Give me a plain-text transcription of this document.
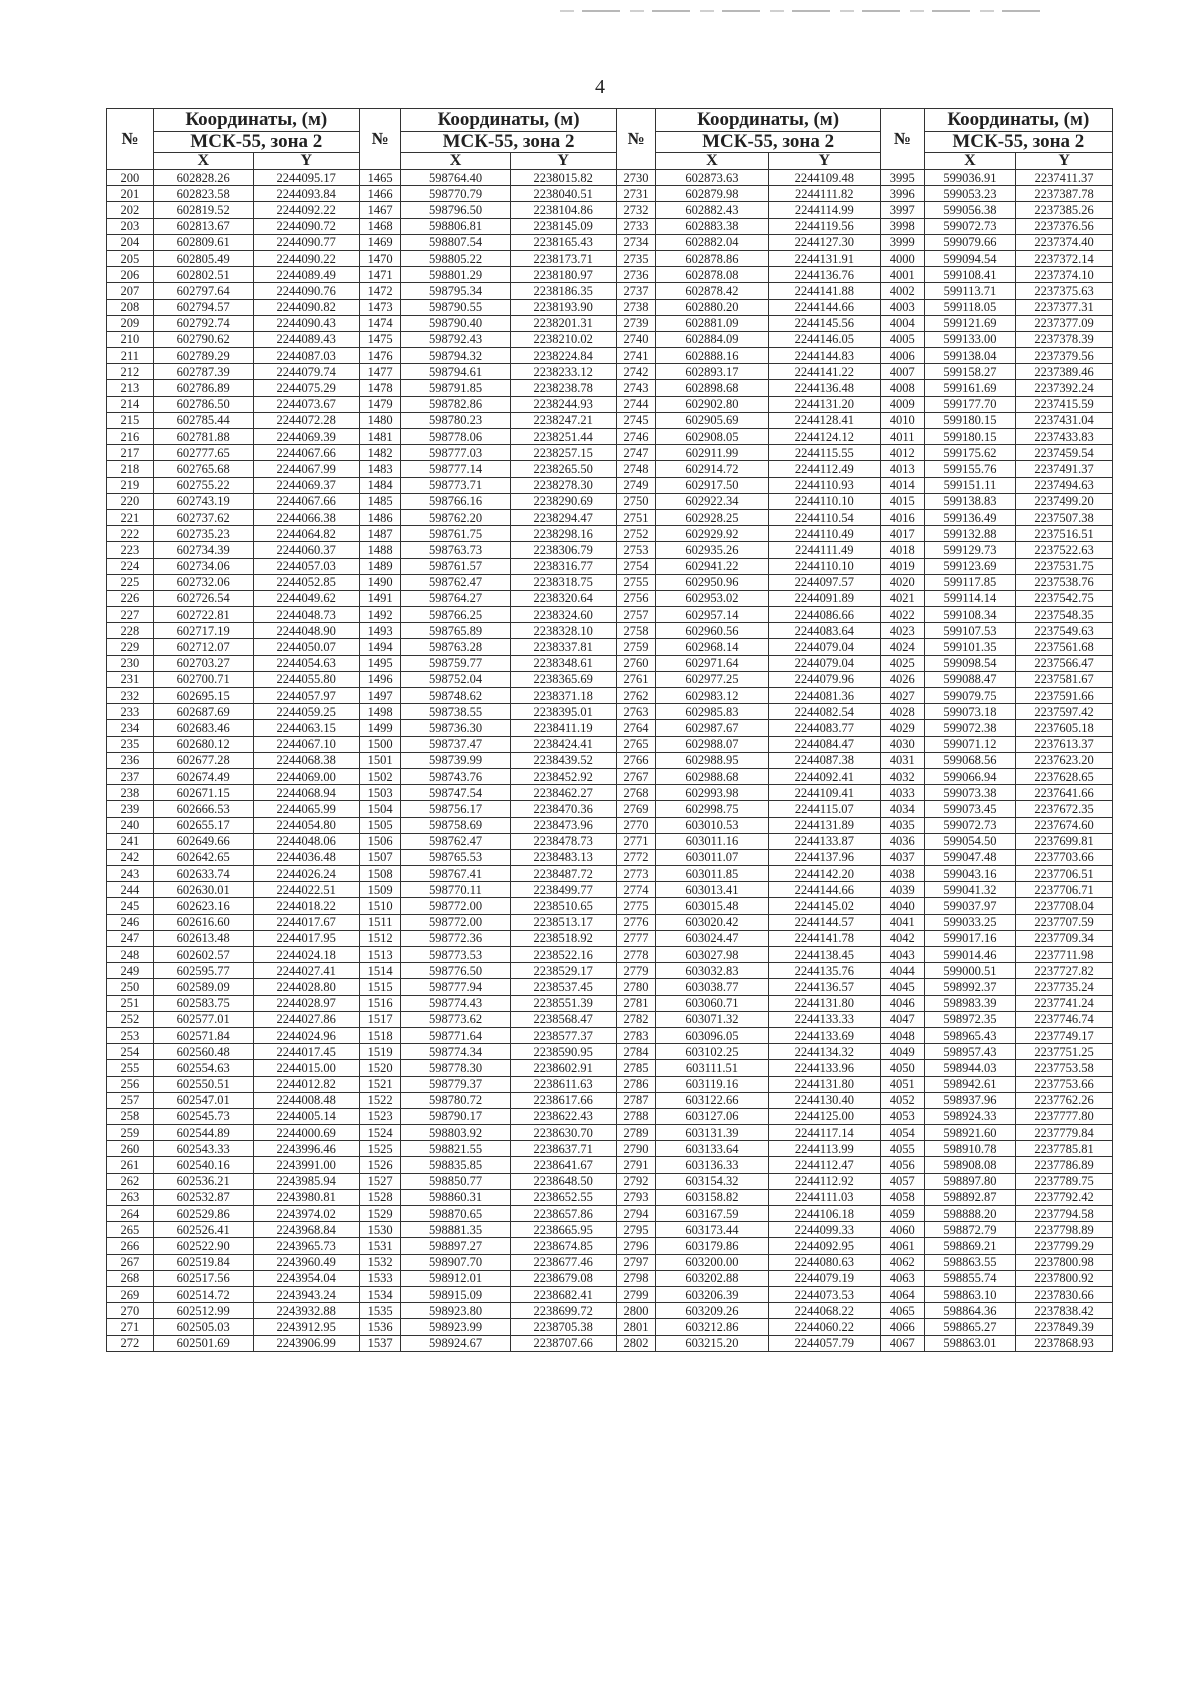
4
№	Координаты, (м)		№	Координаты, (м)		№	Координаты, (м)		№	Координаты, (м)	
	МСК-55, зона 2			МСК-55, зона 2			МСК-55, зона 2			МСК-55, зона 2	
	X	Y		X	Y		X	Y		X	Y
200	602828.26	2244095.17	1465	598764.40	2238015.82	2730	602873.63	2244109.48	3995	599036.91	2237411.37
201	602823.58	2244093.84	1466	598770.79	2238040.51	2731	602879.98	2244111.82	3996	599053.23	2237387.78
202	602819.52	2244092.22	1467	598796.50	2238104.86	2732	602882.43	2244114.99	3997	599056.38	2237385.26
203	602813.67	2244090.72	1468	598806.81	2238145.09	2733	602883.38	2244119.56	3998	599072.73	2237376.56
204	602809.61	2244090.77	1469	598807.54	2238165.43	2734	602882.04	2244127.30	3999	599079.66	2237374.40
205	602805.49	2244090.22	1470	598805.22	2238173.71	2735	602878.86	2244131.91	4000	599094.54	2237372.14
206	602802.51	2244089.49	1471	598801.29	2238180.97	2736	602878.08	2244136.76	4001	599108.41	2237374.10
207	602797.64	2244090.76	1472	598795.34	2238186.35	2737	602878.42	2244141.88	4002	599113.71	2237375.63
208	602794.57	2244090.82	1473	598790.55	2238193.90	2738	602880.20	2244144.66	4003	599118.05	2237377.31
209	602792.74	2244090.43	1474	598790.40	2238201.31	2739	602881.09	2244145.56	4004	599121.69	2237377.09
210	602790.62	2244089.43	1475	598792.43	2238210.02	2740	602884.09	2244146.05	4005	599133.00	2237378.39
211	602789.29	2244087.03	1476	598794.32	2238224.84	2741	602888.16	2244144.83	4006	599138.04	2237379.56
212	602787.39	2244079.74	1477	598794.61	2238233.12	2742	602893.17	2244141.22	4007	599158.27	2237389.46
213	602786.89	2244075.29	1478	598791.85	2238238.78	2743	602898.68	2244136.48	4008	599161.69	2237392.24
214	602786.50	2244073.67	1479	598782.86	2238244.93	2744	602902.80	2244131.20	4009	599177.70	2237415.59
215	602785.44	2244072.28	1480	598780.23	2238247.21	2745	602905.69	2244128.41	4010	599180.15	2237431.04
216	602781.88	2244069.39	1481	598778.06	2238251.44	2746	602908.05	2244124.12	4011	599180.15	2237433.83
217	602777.65	2244067.66	1482	598777.03	2238257.15	2747	602911.99	2244115.55	4012	599175.62	2237459.54
218	602765.68	2244067.99	1483	598777.14	2238265.50	2748	602914.72	2244112.49	4013	599155.76	2237491.37
219	602755.22	2244069.37	1484	598773.71	2238278.30	2749	602917.50	2244110.93	4014	599151.11	2237494.63
220	602743.19	2244067.66	1485	598766.16	2238290.69	2750	602922.34	2244110.10	4015	599138.83	2237499.20
221	602737.62	2244066.38	1486	598762.20	2238294.47	2751	602928.25	2244110.54	4016	599136.49	2237507.38
222	602735.23	2244064.82	1487	598761.75	2238298.16	2752	602929.92	2244110.49	4017	599132.88	2237516.51
223	602734.39	2244060.37	1488	598763.73	2238306.79	2753	602935.26	2244111.49	4018	599129.73	2237522.63
224	602734.06	2244057.03	1489	598761.57	2238316.77	2754	602941.22	2244110.10	4019	599123.69	2237531.75
225	602732.06	2244052.85	1490	598762.47	2238318.75	2755	602950.96	2244097.57	4020	599117.85	2237538.76
226	602726.54	2244049.62	1491	598764.27	2238320.64	2756	602953.02	2244091.89	4021	599114.14	2237542.75
227	602722.81	2244048.73	1492	598766.25	2238324.60	2757	602957.14	2244086.66	4022	599108.34	2237548.35
228	602717.19	2244048.90	1493	598765.89	2238328.10	2758	602960.56	2244083.64	4023	599107.53	2237549.63
229	602712.07	2244050.07	1494	598763.28	2238337.81	2759	602968.14	2244079.04	4024	599101.35	2237561.68
230	602703.27	2244054.63	1495	598759.77	2238348.61	2760	602971.64	2244079.04	4025	599098.54	2237566.47
231	602700.71	2244055.80	1496	598752.04	2238365.69	2761	602977.25	2244079.96	4026	599088.47	2237581.67
232	602695.15	2244057.97	1497	598748.62	2238371.18	2762	602983.12	2244081.36	4027	599079.75	2237591.66
233	602687.69	2244059.25	1498	598738.55	2238395.01	2763	602985.83	2244082.54	4028	599073.18	2237597.42
234	602683.46	2244063.15	1499	598736.30	2238411.19	2764	602987.67	2244083.77	4029	599072.38	2237605.18
235	602680.12	2244067.10	1500	598737.47	2238424.41	2765	602988.07	2244084.47	4030	599071.12	2237613.37
236	602677.28	2244068.38	1501	598739.99	2238439.52	2766	602988.95	2244087.38	4031	599068.56	2237623.20
237	602674.49	2244069.00	1502	598743.76	2238452.92	2767	602988.68	2244092.41	4032	599066.94	2237628.65
238	602671.15	2244068.94	1503	598747.54	2238462.27	2768	602993.98	2244109.41	4033	599073.38	2237641.66
239	602666.53	2244065.99	1504	598756.17	2238470.36	2769	602998.75	2244115.07	4034	599073.45	2237672.35
240	602655.17	2244054.80	1505	598758.69	2238473.96	2770	603010.53	2244131.89	4035	599072.73	2237674.60
241	602649.66	2244048.06	1506	598762.47	2238478.73	2771	603011.16	2244133.87	4036	599054.50	2237699.81
242	602642.65	2244036.48	1507	598765.53	2238483.13	2772	603011.07	2244137.96	4037	599047.48	2237703.66
243	602633.74	2244026.24	1508	598767.41	2238487.72	2773	603011.85	2244142.20	4038	599043.16	2237706.51
244	602630.01	2244022.51	1509	598770.11	2238499.77	2774	603013.41	2244144.66	4039	599041.32	2237706.71
245	602623.16	2244018.22	1510	598772.00	2238510.65	2775	603015.48	2244145.02	4040	599037.97	2237708.04
246	602616.60	2244017.67	1511	598772.00	2238513.17	2776	603020.42	2244144.57	4041	599033.25	2237707.59
247	602613.48	2244017.95	1512	598772.36	2238518.92	2777	603024.47	2244141.78	4042	599017.16	2237709.34
248	602602.57	2244024.18	1513	598773.53	2238522.16	2778	603027.98	2244138.45	4043	599014.46	2237711.98
249	602595.77	2244027.41	1514	598776.50	2238529.17	2779	603032.83	2244135.76	4044	599000.51	2237727.82
250	602589.09	2244028.80	1515	598777.94	2238537.45	2780	603038.77	2244136.57	4045	598992.37	2237735.24
251	602583.75	2244028.97	1516	598774.43	2238551.39	2781	603060.71	2244131.80	4046	598983.39	2237741.24
252	602577.01	2244027.86	1517	598773.62	2238568.47	2782	603071.32	2244133.33	4047	598972.35	2237746.74
253	602571.84	2244024.96	1518	598771.64	2238577.37	2783	603096.05	2244133.69	4048	598965.43	2237749.17
254	602560.48	2244017.45	1519	598774.34	2238590.95	2784	603102.25	2244134.32	4049	598957.43	2237751.25
255	602554.63	2244015.00	1520	598778.30	2238602.91	2785	603111.51	2244133.96	4050	598944.03	2237753.58
256	602550.51	2244012.82	1521	598779.37	2238611.63	2786	603119.16	2244131.80	4051	598942.61	2237753.66
257	602547.01	2244008.48	1522	598780.72	2238617.66	2787	603122.66	2244130.40	4052	598937.96	2237762.26
258	602545.73	2244005.14	1523	598790.17	2238622.43	2788	603127.06	2244125.00	4053	598924.33	2237777.80
259	602544.89	2244000.69	1524	598803.92	2238630.70	2789	603131.39	2244117.14	4054	598921.60	2237779.84
260	602543.33	2243996.46	1525	598821.55	2238637.71	2790	603133.64	2244113.99	4055	598910.78	2237785.81
261	602540.16	2243991.00	1526	598835.85	2238641.67	2791	603136.33	2244112.47	4056	598908.08	2237786.89
262	602536.21	2243985.94	1527	598850.77	2238648.50	2792	603154.32	2244112.92	4057	598897.80	2237789.75
263	602532.87	2243980.81	1528	598860.31	2238652.55	2793	603158.82	2244111.03	4058	598892.87	2237792.42
264	602529.86	2243974.02	1529	598870.65	2238657.86	2794	603167.59	2244106.18	4059	598888.20	2237794.58
265	602526.41	2243968.84	1530	598881.35	2238665.95	2795	603173.44	2244099.33	4060	598872.79	2237798.89
266	602522.90	2243965.73	1531	598897.27	2238674.85	2796	603179.86	2244092.95	4061	598869.21	2237799.29
267	602519.84	2243960.49	1532	598907.70	2238677.46	2797	603200.00	2244080.63	4062	598863.55	2237800.98
268	602517.56	2243954.04	1533	598912.01	2238679.08	2798	603202.88	2244079.19	4063	598855.74	2237800.92
269	602514.72	2243943.24	1534	598915.09	2238682.41	2799	603206.39	2244073.53	4064	598863.10	2237830.66
270	602512.99	2243932.88	1535	598923.80	2238699.72	2800	603209.26	2244068.22	4065	598864.36	2237838.42
271	602505.03	2243912.95	1536	598923.99	2238705.38	2801	603212.86	2244060.22	4066	598865.27	2237849.39
272	602501.69	2243906.99	1537	598924.67	2238707.66	2802	603215.20	2244057.79	4067	598863.01	2237868.93
